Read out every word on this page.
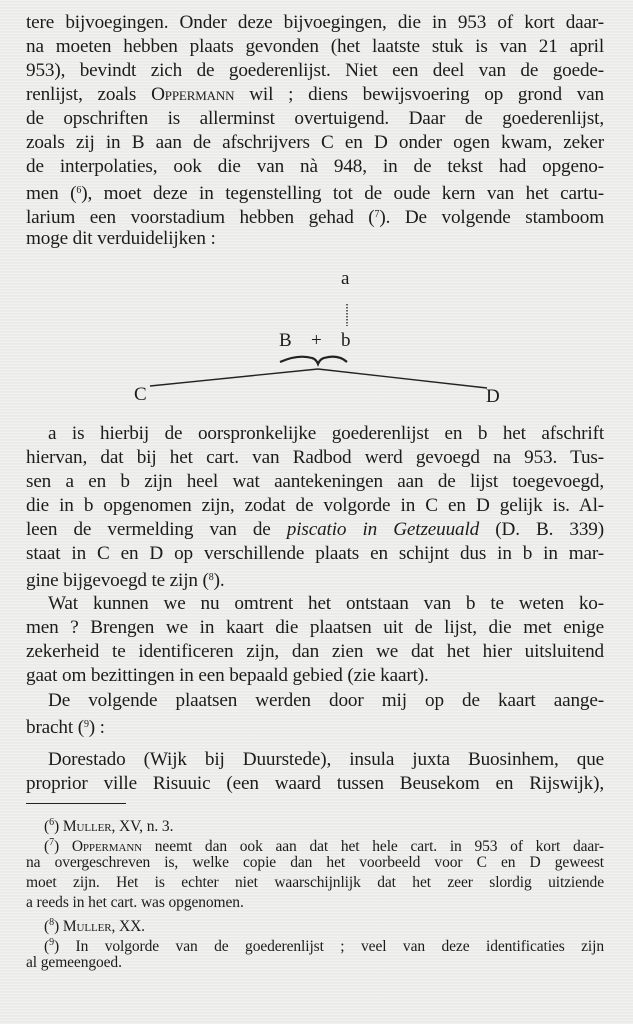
tere bijvoegingen. Onder deze bijvoegingen, die in 953 of kort daar-
na moeten hebben plaats gevonden (het laatste stuk is van 21 april
953), bevindt zich de goederenlijst. Niet een deel van de goede-
renlijst, zoals Oppermann wil ; diens bewijsvoering op grond van
de opschriften is allerminst overtuigend. Daar de goederenlijst,
zoals zij in B aan de afschrijvers C en D onder ogen kwam, zeker
de interpolaties, ook die van nà 948, in de tekst had opgeno-
men ($^6$), moet deze in tegenstelling tot de oude kern van het cartu-
larium een voorstadium hebben gehad ($^7$). De volgende stamboom
moge dit verduidelijken :
a is hierbij de oorspronkelijke goederenlijst en b het afschrift
hiervan, dat bij het cart. van Radbod werd gevoegd na 953. Tus-
sen a en b zijn heel wat aantekeningen aan de lijst toegevoegd,
die in b opgenomen zijn, zodat de volgorde in C en D gelijk is. Al-
leen de vermelding van de piscatio in Getzeuuald (D. B. 339)
staat in C en D op verschillende plaats en schijnt dus in b in mar-
gine bijgevoegd te zijn ($^8$).
Wat kunnen we nu omtrent het ontstaan van b te weten ko-
men ? Brengen we in kaart die plaatsen uit de lijst, die met enige
zekerheid te identificeren zijn, dan zien we dat het hier uitsluitend
gaat om bezittingen in een bepaald gebied (zie kaart).
De volgende plaatsen werden door mij op de kaart aange-
bracht ($^9$) :
Dorestado (Wijk bij Duurstede), insula juxta Buosinhem, que
proprior ville Risuuic (een waard tussen Beusekom en Rijswijk),
($^6$) Muller, XV, n. 3.
($^7$) Oppermann neemt dan ook aan dat het hele cart. in 953 of kort daar-
na overgeschreven is, welke copie dan het voorbeeld voor C en D geweest
moet zijn. Het is echter niet waarschijnlijk dat het zeer slordig uitziende
a reeds in het cart. was opgenomen.
($^8$) Muller, XX.
($^9$) In volgorde van de goederenlijst ; veel van deze identificaties zijn
al gemeengoed.
a
B + b
C	D
